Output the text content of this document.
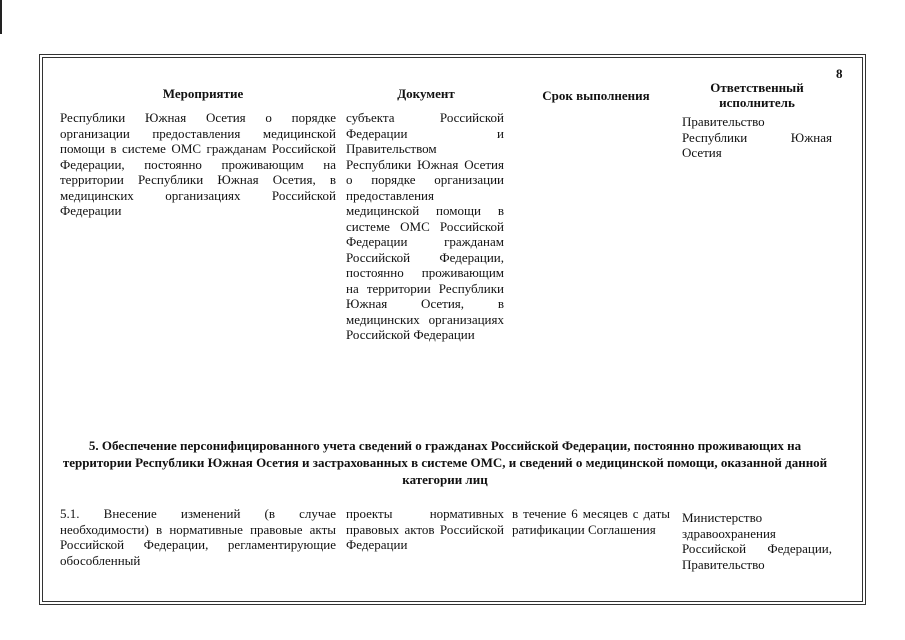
8
Мероприятие	Документ	Срок выполнения
Ответственный исполнитель
Республики Южная Осетия о порядке организации предоставления медицинской помощи в системе ОМС гражданам Российской Федерации, постоянно проживающим на территории Республики Южная Осетия, в медицинских организациях Российской Федерации
субъекта Российской Федерации и Правительством Республики Южная Осетия о порядке организации предоставления медицинской помощи в системе ОМС Российской Федерации гражданам Российской Федерации, постоянно проживающим на территории Республики Южная Осетия, в медицинских организациях Российской Федерации
Правительство Республики Южная Осетия
5. Обеспечение персонифицированного учета сведений о гражданах Российской Федерации, постоянно проживающих на территории Республики Южная Осетия и застрахованных в системе ОМС, и сведений о медицинской помощи, оказанной данной категории лиц
5.1. Внесение изменений (в случае необходимости) в нормативные правовые акты Российской Федерации, регламентирующие обособленный
проекты нормативных правовых актов Российской Федерации
в течение 6 месяцев с даты ратификации Соглашения
Министерство здравоохранения Российской Федерации, Правительство
